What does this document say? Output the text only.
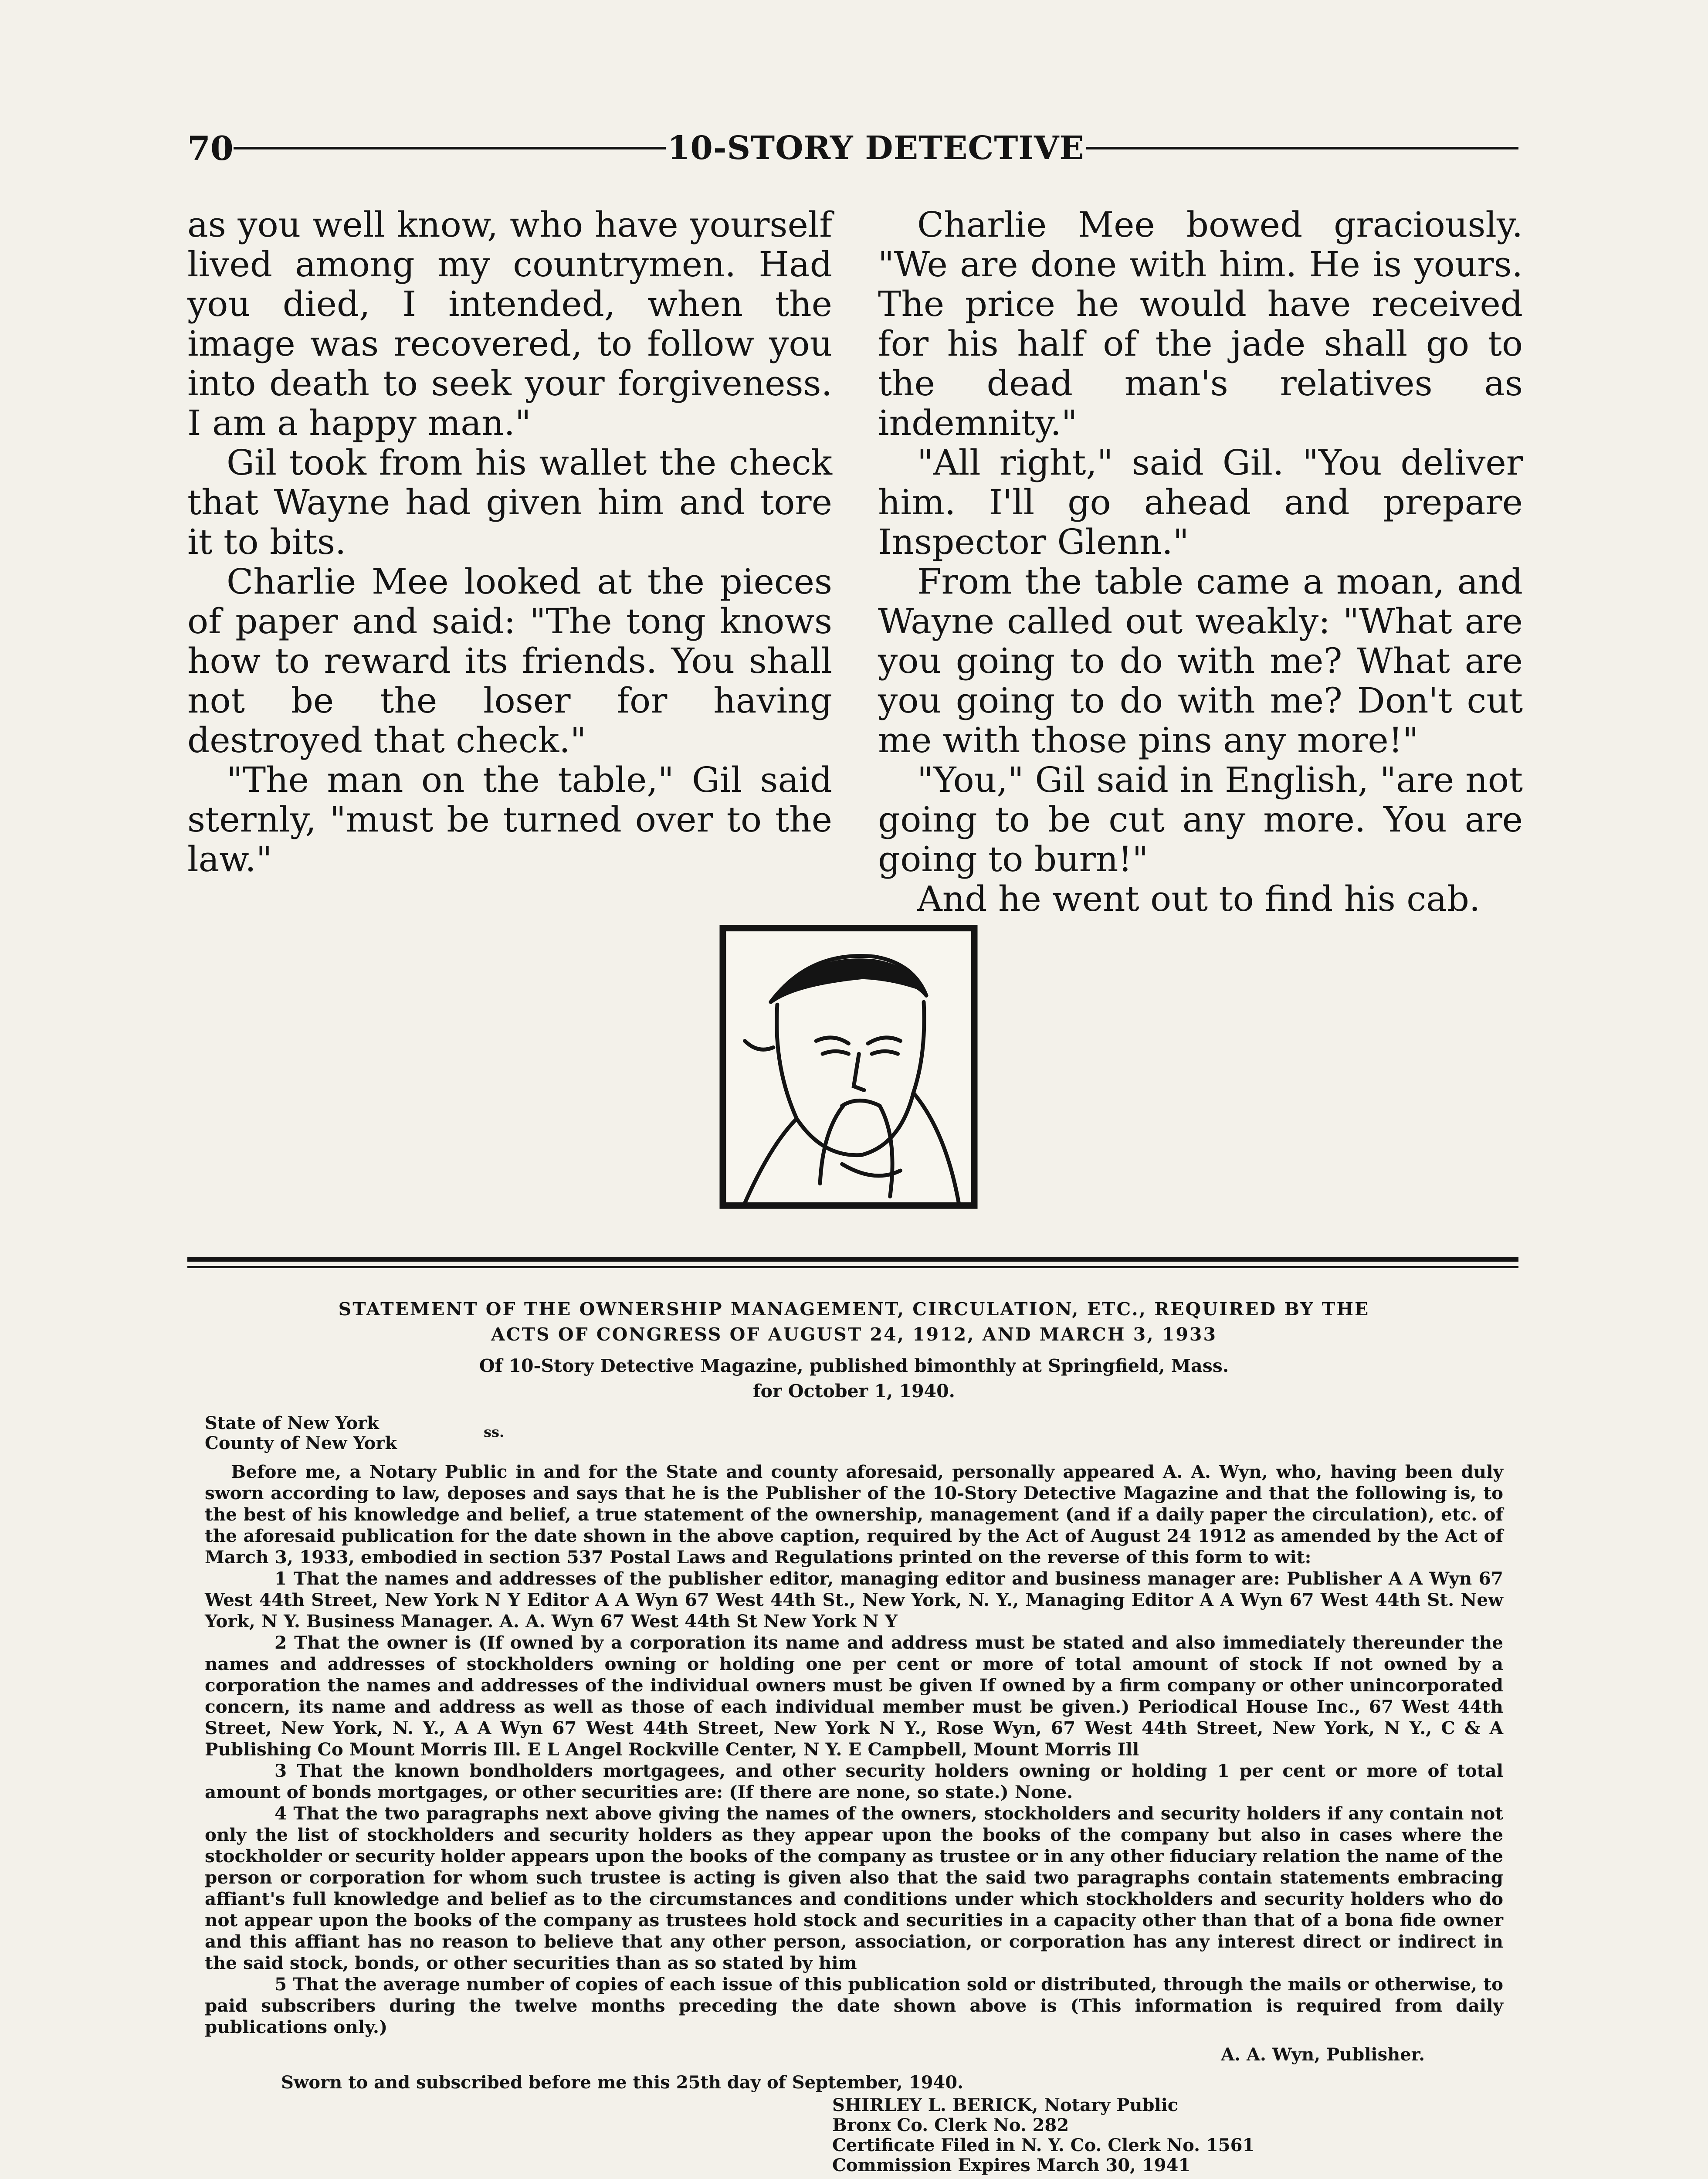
70	10-STORY DETECTIVE

as you well know, who have yourself lived among my countrymen. Had you died, I intended, when the image was recovered, to follow you into death to seek your forgiveness. I am a happy man."

Gil took from his wallet the check that Wayne had given him and tore it to bits.

Charlie Mee looked at the pieces of paper and said: "The tong knows how to reward its friends. You shall not be the loser for having destroyed that check."

"The man on the table," Gil said sternly, "must be turned over to the law."

Charlie Mee bowed graciously. "We are done with him. He is yours. The price he would have received for his half of the jade shall go to the dead man's relatives as indemnity."

"All right," said Gil. "You deliver him. I'll go ahead and prepare Inspector Glenn."

From the table came a moan, and Wayne called out weakly: "What are you going to do with me? What are you going to do with me? Don't cut me with those pins any more!"

"You," Gil said in English, "are not going to be cut any more. You are going to burn!"

And he went out to find his cab.

STATEMENT OF THE OWNERSHIP MANAGEMENT, CIRCULATION, ETC., REQUIRED BY THE
ACTS OF CONGRESS OF AUGUST 24, 1912, AND MARCH 3, 1933
Of 10-Story Detective Magazine, published bimonthly at Springfield, Mass.
for October 1, 1940.
State of New York
County of New York
ss.

Before me, a Notary Public in and for the State and county aforesaid, personally appeared A. A. Wyn, who, having been duly sworn according to law, deposes and says that he is the Publisher of the 10-Story Detective Magazine and that the following is, to the best of his knowledge and belief, a true statement of the ownership, management (and if a daily paper the circulation), etc. of the aforesaid publication for the date shown in the above caption, required by the Act of August 24 1912 as amended by the Act of March 3, 1933, embodied in section 537 Postal Laws and Regulations printed on the reverse of this form to wit:

1 That the names and addresses of the publisher editor, managing editor and business manager are: Publisher A A Wyn 67 West 44th Street, New York N Y Editor A A Wyn 67 West 44th St., New York, N. Y., Managing Editor A A Wyn 67 West 44th St. New York, N Y. Business Manager. A. A. Wyn 67 West 44th St New York N Y

2 That the owner is (If owned by a corporation its name and address must be stated and also immediately thereunder the names and addresses of stockholders owning or holding one per cent or more of total amount of stock If not owned by a corporation the names and addresses of the individual owners must be given If owned by a firm company or other unincorporated concern, its name and address as well as those of each individual member must be given.) Periodical House Inc., 67 West 44th Street, New York, N. Y., A A Wyn 67 West 44th Street, New York N Y., Rose Wyn, 67 West 44th Street, New York, N Y., C & A Publishing Co Mount Morris Ill. E L Angel Rockville Center, N Y. E Campbell, Mount Morris Ill

3 That the known bondholders mortgagees, and other security holders owning or holding 1 per cent or more of total amount of bonds mortgages, or other securities are: (If there are none, so state.) None.

4 That the two paragraphs next above giving the names of the owners, stockholders and security holders if any contain not only the list of stockholders and security holders as they appear upon the books of the company but also in cases where the stockholder or security holder appears upon the books of the company as trustee or in any other fiduciary relation the name of the person or corporation for whom such trustee is acting is given also that the said two paragraphs contain statements embracing affiant's full knowledge and belief as to the circumstances and conditions under which stockholders and security holders who do not appear upon the books of the company as trustees hold stock and securities in a capacity other than that of a bona fide owner and this affiant has no reason to believe that any other person, association, or corporation has any interest direct or indirect in the said stock, bonds, or other securities than as so stated by him

5 That the average number of copies of each issue of this publication sold or distributed, through the mails or otherwise, to paid subscribers during the twelve months preceding the date shown above is (This information is required from daily publications only.)

A. A. Wyn, Publisher.
Sworn to and subscribed before me this 25th day of September, 1940.
SHIRLEY L. BERICK, Notary Public
Bronx Co. Clerk No. 282
Certificate Filed in N. Y. Co. Clerk No. 1561
Commission Expires March 30, 1941
